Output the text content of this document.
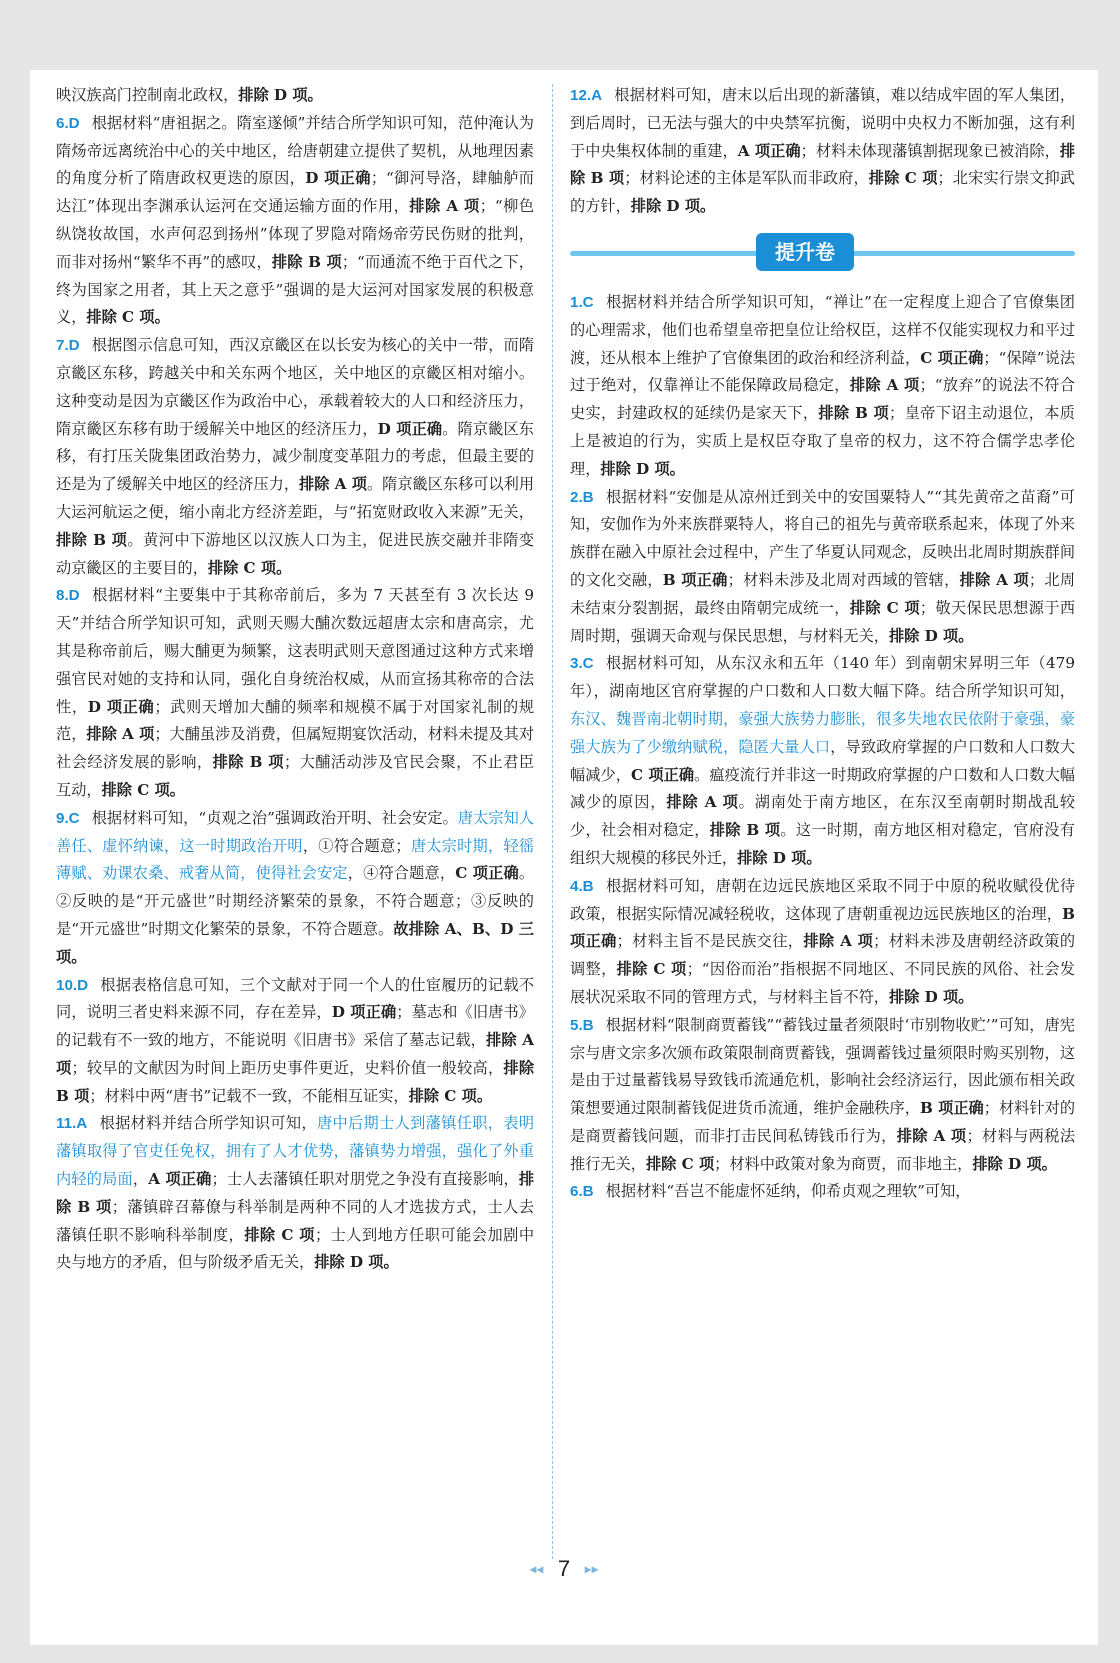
映汉族高门控制南北政权，排除 D 项。

6.D 根据材料“唐祖据之。隋室遂倾”并结合所学知识可知，范仲淹认为隋炀帝远离统治中心的关中地区，给唐朝建立提供了契机，从地理因素的角度分析了隋唐政权更迭的原因，D 项正确；“御河导洛，肆舳舻而达江”体现出李渊承认运河在交通运输方面的作用，排除 A 项；“柳色纵饶妆故国，水声何忍到扬州”体现了罗隐对隋炀帝劳民伤财的批判，而非对扬州“繁华不再”的感叹，排除 B 项；“而通流不绝于百代之下，终为国家之用者，其上天之意乎”强调的是大运河对国家发展的积极意义，排除 C 项。

7.D 根据图示信息可知，西汉京畿区在以长安为核心的关中一带，而隋京畿区东移，跨越关中和关东两个地区，关中地区的京畿区相对缩小。这种变动是因为京畿区作为政治中心，承载着较大的人口和经济压力，隋京畿区东移有助于缓解关中地区的经济压力，D 项正确。隋京畿区东移，有打压关陇集团政治势力，减少制度变革阻力的考虑，但最主要的还是为了缓解关中地区的经济压力，排除 A 项。隋京畿区东移可以利用大运河航运之便，缩小南北方经济差距，与“拓宽财政收入来源”无关，排除 B 项。黄河中下游地区以汉族人口为主，促进民族交融并非隋变动京畿区的主要目的，排除 C 项。

8.D 根据材料“主要集中于其称帝前后，多为 7 天甚至有 3 次长达 9 天”并结合所学知识可知，武则天赐大酺次数远超唐太宗和唐高宗，尤其是称帝前后，赐大酺更为频繁，这表明武则天意图通过这种方式来增强官民对她的支持和认同，强化自身统治权威，从而宣扬其称帝的合法性，D 项正确；武则天增加大酺的频率和规模不属于对国家礼制的规范，排除 A 项；大酺虽涉及消费，但属短期宴饮活动，材料未提及其对社会经济发展的影响，排除 B 项；大酺活动涉及官民会聚，不止君臣互动，排除 C 项。

9.C 根据材料可知，“贞观之治”强调政治开明、社会安定。唐太宗知人善任、虚怀纳谏，这一时期政治开明，①符合题意；唐太宗时期，轻徭薄赋、劝课农桑、戒奢从简，使得社会安定，④符合题意，C 项正确。②反映的是“开元盛世”时期经济繁荣的景象，不符合题意；③反映的是“开元盛世”时期文化繁荣的景象，不符合题意。故排除 A、B、D 三项。

10.D 根据表格信息可知，三个文献对于同一个人的仕宦履历的记载不同，说明三者史料来源不同，存在差异，D 项正确；墓志和《旧唐书》的记载有不一致的地方，不能说明《旧唐书》采信了墓志记载，排除 A 项；较早的文献因为时间上距历史事件更近，史料价值一般较高，排除 B 项；材料中两“唐书”记载不一致，不能相互证实，排除 C 项。

11.A 根据材料并结合所学知识可知，唐中后期士人到藩镇任职，表明藩镇取得了官吏任免权，拥有了人才优势，藩镇势力增强，强化了外重内轻的局面，A 项正确；士人去藩镇任职对朋党之争没有直接影响，排除 B 项；藩镇辟召幕僚与科举制是两种不同的人才选拔方式，士人去藩镇任职不影响科举制度，排除 C 项；士人到地方任职可能会加剧中央与地方的矛盾，但与阶级矛盾无关，排除 D 项。

12.A 根据材料可知，唐末以后出现的新藩镇，难以结成牢固的军人集团，到后周时，已无法与强大的中央禁军抗衡，说明中央权力不断加强，这有利于中央集权体制的重建，A 项正确；材料未体现藩镇割据现象已被消除，排除 B 项；材料论述的主体是军队而非政府，排除 C 项；北宋实行崇文抑武的方针，排除 D 项。

提升卷

1.C 根据材料并结合所学知识可知，“禅让”在一定程度上迎合了官僚集团的心理需求，他们也希望皇帝把皇位让给权臣，这样不仅能实现权力和平过渡，还从根本上维护了官僚集团的政治和经济利益，C 项正确；“保障”说法过于绝对，仅靠禅让不能保障政局稳定，排除 A 项；“放弃”的说法不符合史实，封建政权的延续仍是家天下，排除 B 项；皇帝下诏主动退位，本质上是被迫的行为，实质上是权臣夺取了皇帝的权力，这不符合儒学忠孝伦理，排除 D 项。

2.B 根据材料“安伽是从凉州迁到关中的安国粟特人”“其先黄帝之苗裔”可知，安伽作为外来族群粟特人，将自己的祖先与黄帝联系起来，体现了外来族群在融入中原社会过程中，产生了华夏认同观念，反映出北周时期族群间的文化交融，B 项正确；材料未涉及北周对西域的管辖，排除 A 项；北周未结束分裂割据，最终由隋朝完成统一，排除 C 项；敬天保民思想源于西周时期，强调天命观与保民思想，与材料无关，排除 D 项。

3.C 根据材料可知，从东汉永和五年（140 年）到南朝宋昇明三年（479 年），湖南地区官府掌握的户口数和人口数大幅下降。结合所学知识可知，东汉、魏晋南北朝时期，豪强大族势力膨胀，很多失地农民依附于豪强，豪强大族为了少缴纳赋税，隐匿大量人口，导致政府掌握的户口数和人口数大幅减少，C 项正确。瘟疫流行并非这一时期政府掌握的户口数和人口数大幅减少的原因，排除 A 项。湖南处于南方地区，在东汉至南朝时期战乱较少，社会相对稳定，排除 B 项。这一时期，南方地区相对稳定，官府没有组织大规模的移民外迁，排除 D 项。

4.B 根据材料可知，唐朝在边远民族地区采取不同于中原的税收赋役优待政策，根据实际情况减轻税收，这体现了唐朝重视边远民族地区的治理，B 项正确；材料主旨不是民族交往，排除 A 项；材料未涉及唐朝经济政策的调整，排除 C 项；“因俗而治”指根据不同地区、不同民族的风俗、社会发展状况采取不同的管理方式，与材料主旨不符，排除 D 项。

5.B 根据材料“限制商贾蓄钱”“蓄钱过量者须限时‘市别物收贮’”可知，唐宪宗与唐文宗多次颁布政策限制商贾蓄钱，强调蓄钱过量须限时购买别物，这是由于过量蓄钱易导致钱币流通危机，影响社会经济运行，因此颁布相关政策想要通过限制蓄钱促进货币流通，维护金融秩序，B 项正确；材料针对的是商贾蓄钱问题，而非打击民间私铸钱币行为，排除 A 项；材料与两税法推行无关，排除 C 项；材料中政策对象为商贾，而非地主，排除 D 项。

6.B 根据材料“吾岂不能虚怀延纳，仰希贞观之理软”可知，

◂◂ 7 ▸▸
